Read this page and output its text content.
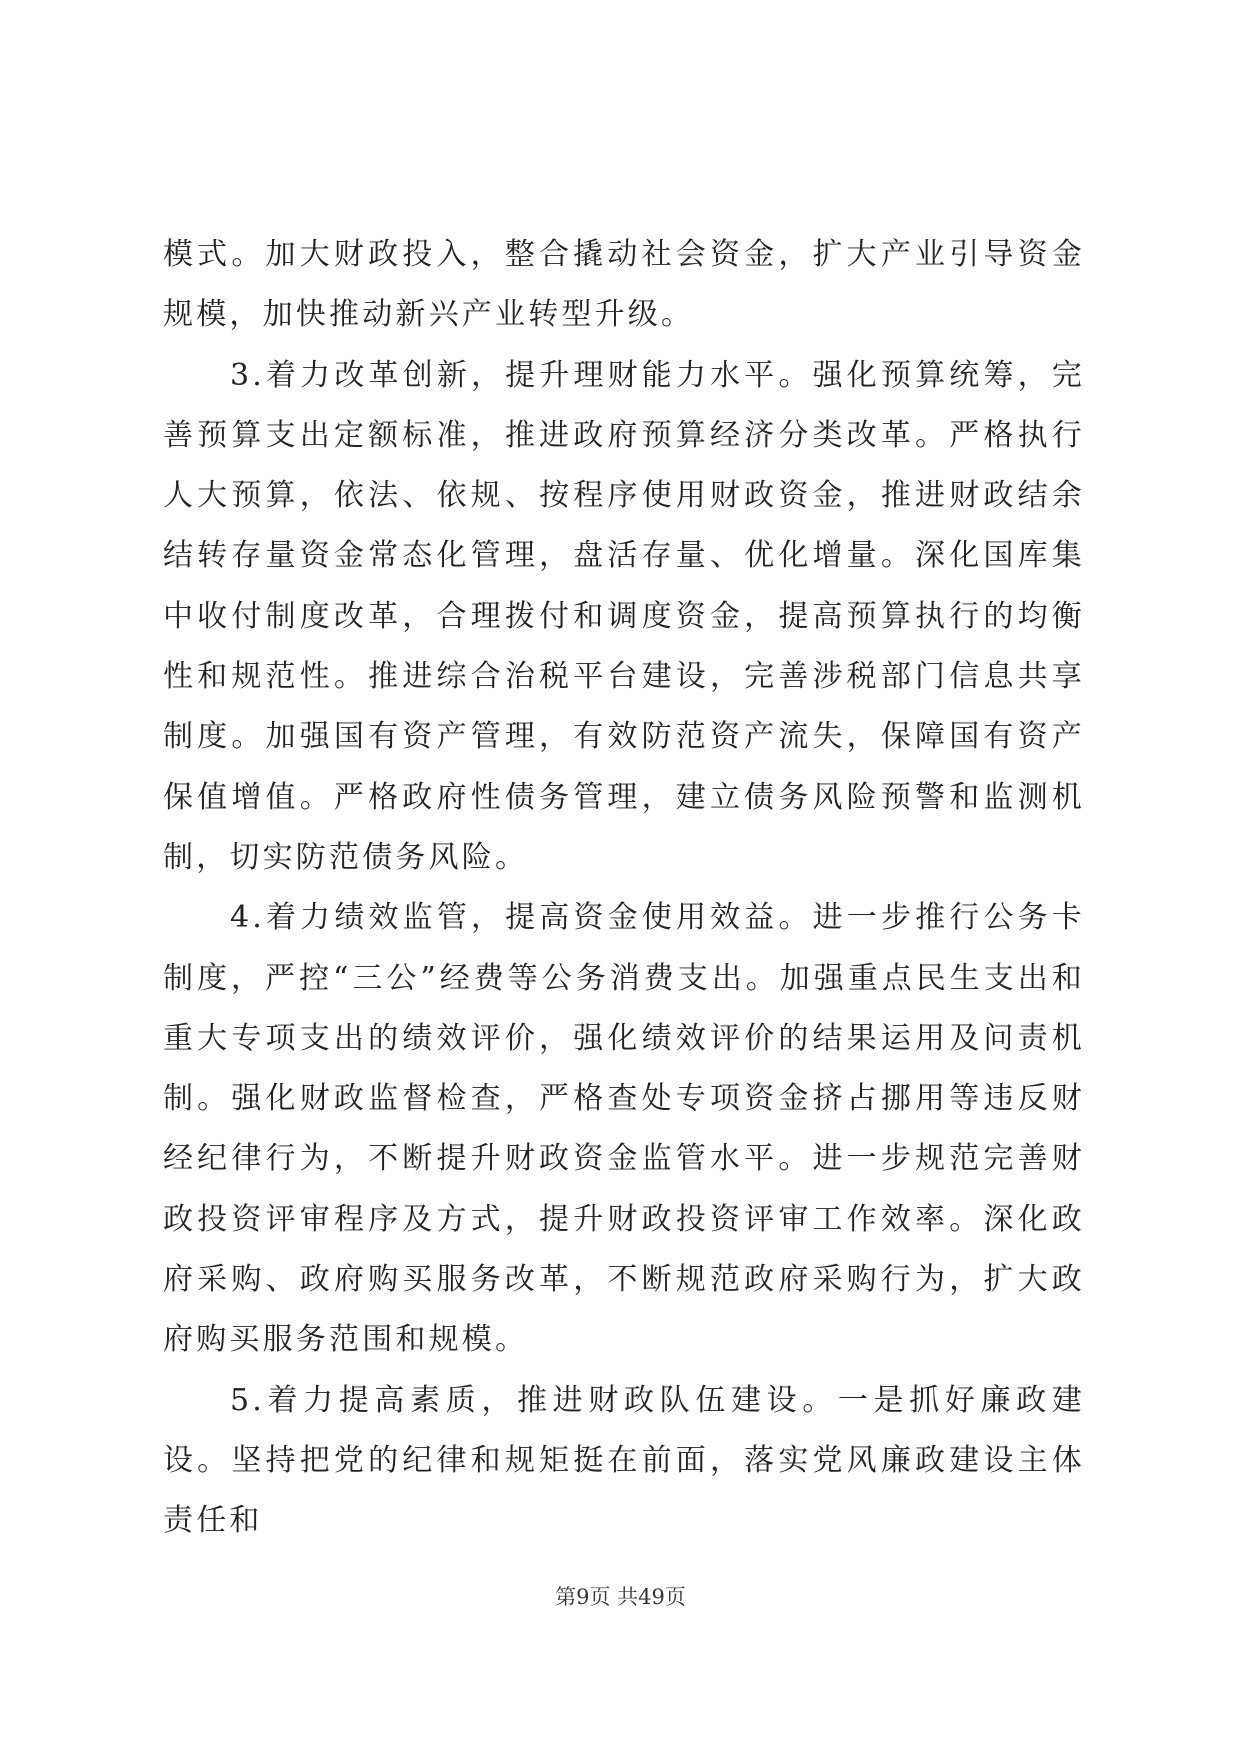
模式。加大财政投入，整合撬动社会资金，扩大产业引导资金规模，加快推动新兴产业转型升级。

3.着力改革创新，提升理财能力水平。强化预算统筹，完善预算支出定额标准，推进政府预算经济分类改革。严格执行人大预算，依法、依规、按程序使用财政资金，推进财政结余结转存量资金常态化管理，盘活存量、优化增量。深化国库集中收付制度改革，合理拨付和调度资金，提高预算执行的均衡性和规范性。推进综合治税平台建设，完善涉税部门信息共享制度。加强国有资产管理，有效防范资产流失，保障国有资产保值增值。严格政府性债务管理，建立债务风险预警和监测机制，切实防范债务风险。

4.着力绩效监管，提高资金使用效益。进一步推行公务卡制度，严控“三公”经费等公务消费支出。加强重点民生支出和重大专项支出的绩效评价，强化绩效评价的结果运用及问责机制。强化财政监督检查，严格查处专项资金挤占挪用等违反财经纪律行为，不断提升财政资金监管水平。进一步规范完善财政投资评审程序及方式，提升财政投资评审工作效率。深化政府采购、政府购买服务改革，不断规范政府采购行为，扩大政府购买服务范围和规模。

5.着力提高素质，推进财政队伍建设。一是抓好廉政建设。坚持把党的纪律和规矩挺在前面，落实党风廉政建设主体责任和

第9页 共49页
